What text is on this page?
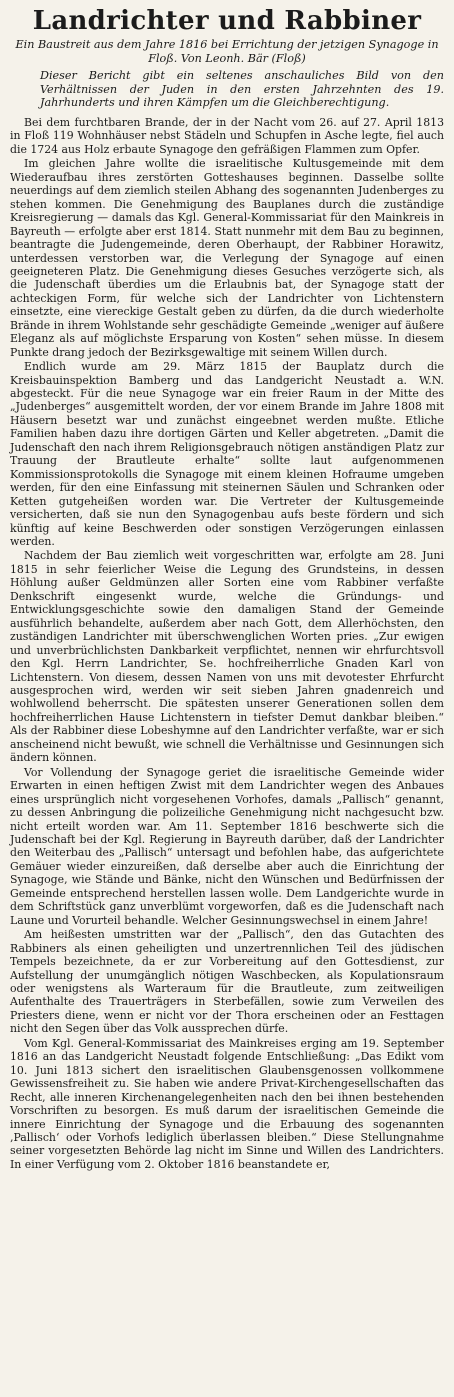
Landrichter und Rabbiner

Ein Baustreit aus dem Jahre 1816 bei Errichtung der jetzigen Synagoge in Floß. Von Leonh. Bär (Floß)

Dieser Bericht gibt ein seltenes anschauliches Bild von den Verhältnissen der Juden in den ersten Jahrzehnten des 19. Jahrhunderts und ihren Kämpfen um die Gleichberechtigung.

Bei dem furchtbaren Brande, der in der Nacht vom 26. auf 27. April 1813 in Floß 119 Wohnhäuser nebst Städeln und Schupfen in Asche legte, fiel auch die 1724 aus Holz erbaute Synagoge den gefräßigen Flammen zum Opfer.

Im gleichen Jahre wollte die israelitische Kultusgemeinde mit dem Wiederaufbau ihres zerstörten Gotteshauses beginnen. Dasselbe sollte neuerdings auf dem ziemlich steilen Abhang des sogenannten Judenberges zu stehen kommen. Die Genehmigung des Bauplanes durch die zuständige Kreisregierung — damals das Kgl. General-Kommissariat für den Mainkreis in Bayreuth — erfolgte aber erst 1814. Statt nunmehr mit dem Bau zu beginnen, beantragte die Judengemeinde, deren Oberhaupt, der Rabbiner Horawitz, unterdessen verstorben war, die Verlegung der Synagoge auf einen geeigneteren Platz. Die Genehmigung dieses Gesuches verzögerte sich, als die Judenschaft überdies um die Erlaubnis bat, der Synagoge statt der achteckigen Form, für welche sich der Landrichter von Lichtenstern einsetzte, eine viereckige Gestalt geben zu dürfen, da die durch wiederholte Brände in ihrem Wohlstande sehr geschädigte Gemeinde „weniger auf äußere Eleganz als auf möglichste Ersparung von Kosten“ sehen müsse. In diesem Punkte drang jedoch der Bezirksgewaltige mit seinem Willen durch.

Endlich wurde am 29. März 1815 der Bauplatz durch die Kreisbauinspektion Bamberg und das Landgericht Neustadt a. W.N. abgesteckt. Für die neue Synagoge war ein freier Raum in der Mitte des „Judenberges“ ausgemittelt worden, der vor einem Brande im Jahre 1808 mit Häusern besetzt war und zunächst eingeebnet werden mußte. Etliche Familien haben dazu ihre dortigen Gärten und Keller abgetreten. „Damit die Judenschaft den nach ihrem Religionsgebrauch nötigen anständigen Platz zur Trauung der Brautleute erhalte“ sollte laut aufgenommenen Kommissionsprotokolls die Synagoge mit einem kleinen Hofraume umgeben werden, für den eine Einfassung mit steinernen Säulen und Schranken oder Ketten gutgeheißen worden war. Die Vertreter der Kultusgemeinde versicherten, daß sie nun den Synagogenbau aufs beste fördern und sich künftig auf keine Beschwerden oder sonstigen Verzögerungen einlassen werden.

Nachdem der Bau ziemlich weit vorgeschritten war, erfolgte am 28. Juni 1815 in sehr feierlicher Weise die Legung des Grundsteins, in dessen Höhlung außer Geldmünzen aller Sorten eine vom Rabbiner verfaßte Denkschrift eingesenkt wurde, welche die Gründungs- und Entwicklungsgeschichte sowie den damaligen Stand der Gemeinde ausführlich behandelte, außerdem aber nach Gott, dem Allerhöchsten, den zuständigen Landrichter mit überschwenglichen Worten pries. „Zur ewigen und unverbrüchlichsten Dankbarkeit verpflichtet, nennen wir ehrfurchtsvoll den Kgl. Herrn Landrichter, Se. hochfreiherrliche Gnaden Karl von Lichtenstern. Von diesem, dessen Namen von uns mit devotester Ehrfurcht ausgesprochen wird, werden wir seit sieben Jahren gnadenreich und wohlwollend beherrscht. Die spätesten unserer Generationen sollen dem hochfreiherrlichen Hause Lichtenstern in tiefster Demut dankbar bleiben.“ Als der Rabbiner diese Lobeshymne auf den Landrichter verfaßte, war er sich anscheinend nicht bewußt, wie schnell die Verhältnisse und Gesinnungen sich ändern können.

Vor Vollendung der Synagoge geriet die israelitische Gemeinde wider Erwarten in einen heftigen Zwist mit dem Landrichter wegen des Anbaues eines ursprünglich nicht vorgesehenen Vorhofes, damals „Pallisch“ genannt, zu dessen Anbringung die polizeiliche Genehmigung nicht nachgesucht bzw. nicht erteilt worden war. Am 11. September 1816 beschwerte sich die Judenschaft bei der Kgl. Regierung in Bayreuth darüber, daß der Landrichter den Weiterbau des „Pallisch“ untersagt und befohlen habe, das aufgerichtete Gemäuer wieder einzureißen, daß derselbe aber auch die Einrichtung der Synagoge, wie Stände und Bänke, nicht den Wünschen und Bedürfnissen der Gemeinde entsprechend herstellen lassen wolle. Dem Landgerichte wurde in dem Schriftstück ganz unverblümt vorgeworfen, daß es die Judenschaft nach Laune und Vorurteil behandle. Welcher Gesinnungswechsel in einem Jahre!

Am heißesten umstritten war der „Pallisch“, den das Gutachten des Rabbiners als einen geheiligten und unzertrennlichen Teil des jüdischen Tempels bezeichnete, da er zur Vorbereitung auf den Gottesdienst, zur Aufstellung der unumgänglich nötigen Waschbecken, als Kopulationsraum oder wenigstens als Warteraum für die Brautleute, zum zeitweiligen Aufenthalte des Trauerträgers in Sterbefällen, sowie zum Verweilen des Priesters diene, wenn er nicht vor der Thora erscheinen oder an Festtagen nicht den Segen über das Volk aussprechen dürfe.

Vom Kgl. General-Kommissariat des Mainkreises erging am 19. September 1816 an das Landgericht Neustadt folgende Entschließung: „Das Edikt vom 10. Juni 1813 sichert den israelitischen Glaubensgenossen vollkommene Gewissensfreiheit zu. Sie haben wie andere Privat-Kirchengesellschaften das Recht, alle inneren Kirchenangelegenheiten nach den bei ihnen bestehenden Vorschriften zu besorgen. Es muß darum der israelitischen Gemeinde die innere Einrichtung der Synagoge und die Erbauung des sogenannten ‚Pallisch‘ oder Vorhofs lediglich überlassen bleiben.“ Diese Stellungnahme seiner vorgesetzten Behörde lag nicht im Sinne und Willen des Landrichters. In einer Verfügung vom 2. Oktober 1816 beanstandete er,
